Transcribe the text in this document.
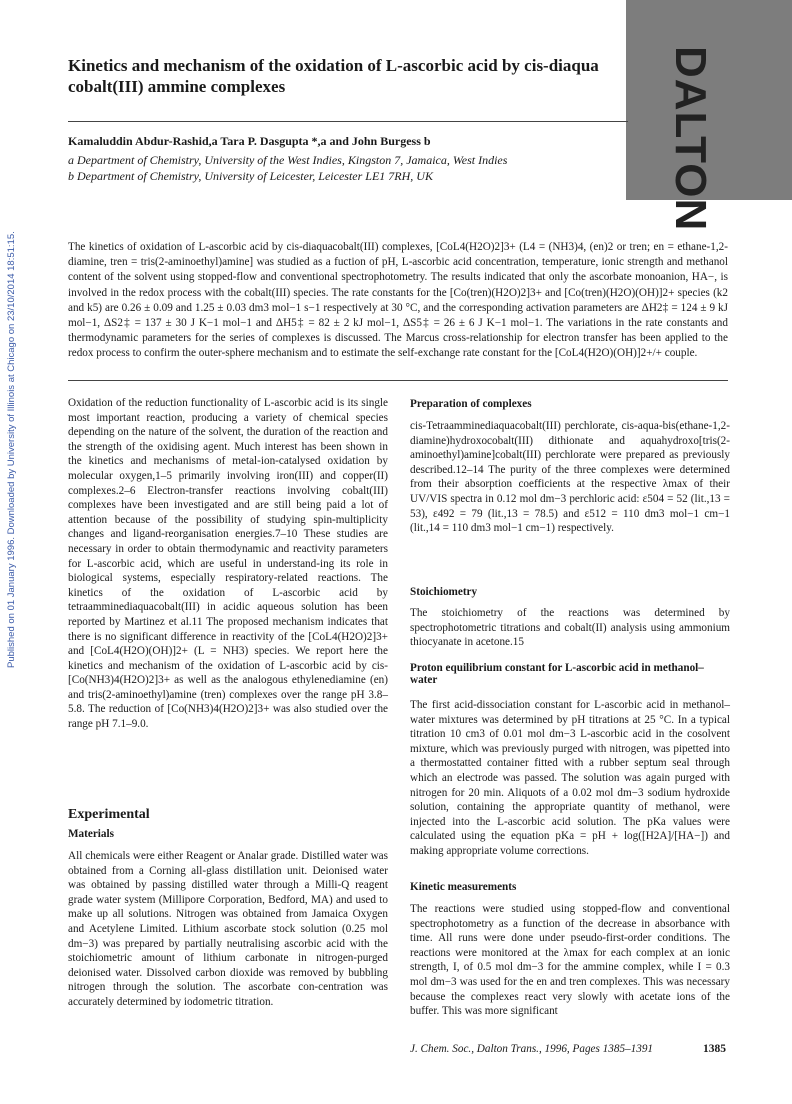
DALTON
Published on 01 January 1996. Downloaded by University of Illinois at Chicago on 23/10/2014 18:51:15.
Kinetics and mechanism of the oxidation of L-ascorbic acid by cis-diaqua cobalt(III) ammine complexes
Kamaluddin Abdur-Rashid,a Tara P. Dasgupta *,a and John Burgess b
a Department of Chemistry, University of the West Indies, Kingston 7, Jamaica, West Indies
b Department of Chemistry, University of Leicester, Leicester LE1 7RH, UK
The kinetics of oxidation of L-ascorbic acid by cis-diaquacobalt(III) complexes, [CoL4(H2O)2]3+ (L4 = (NH3)4, (en)2 or tren; en = ethane-1,2-diamine, tren = tris(2-aminoethyl)amine] was studied as a fuction of pH, L-ascorbic acid concentration, temperature, ionic strength and methanol content of the solvent using stopped-flow and conventional spectrophotometry. The results indicated that only the ascorbate monoanion, HA−, is involved in the redox process with the cobalt(III) species. The rate constants for the [Co(tren)(H2O)2]3+ and [Co(tren)(H2O)(OH)]2+ species (k2 and k5) are 0.26 ± 0.09 and 1.25 ± 0.03 dm3 mol−1 s−1 respectively at 30 °C, and the corresponding activation parameters are ΔH2‡ = 124 ± 9 kJ mol−1, ΔS2‡ = 137 ± 30 J K−1 mol−1 and ΔH5‡ = 82 ± 2 kJ mol−1, ΔS5‡ = 26 ± 6 J K−1 mol−1. The variations in the rate constants and thermodynamic parameters for the series of complexes is discussed. The Marcus cross-relationship for electron transfer has been applied to the redox process to confirm the outer-sphere mechanism and to estimate the self-exchange rate constant for the [CoL4(H2O)(OH)]2+/+ couple.

Oxidation of the reduction functionality of L-ascorbic acid is its single most important reaction, producing a variety of chemical species depending on the nature of the solvent, the duration of the reaction and the strength of the oxidising agent. Much interest has been shown in the kinetics and mechanisms of metal-ion-catalysed oxidation by molecular oxygen,1–5 primarily involving iron(III) and copper(II) complexes.2–6 Electron-transfer reactions involving cobalt(III) complexes have been investigated and are still being paid a lot of attention because of the possibility of studying spin-multiplicity changes and ligand-reorganisation energies.7–10 These studies are necessary in order to obtain thermodynamic and reactivity parameters for L-ascorbic acid, which are useful in understand-ing its role in biological systems, especially respiratory-related reactions. The kinetics of the oxidation of L-ascorbic acid by tetraamminediaquacobalt(III) in acidic aqueous solution has been reported by Martinez et al.11 The proposed mechanism indicates that there is no significant difference in reactivity of the [CoL4(H2O)2]3+ and [CoL4(H2O)(OH)]2+ (L = NH3) species. We report here the kinetics and mechanism of the oxidation of L-ascorbic acid by cis-[Co(NH3)4(H2O)2]3+ as well as the analogous ethylenediamine (en) and tris(2-aminoethyl)amine (tren) complexes over the range pH 3.8–5.8. The reduction of [Co(NH3)4(H2O)2]3+ was also studied over the range pH 7.1–9.0.

Experimental
Materials

All chemicals were either Reagent or Analar grade. Distilled water was obtained from a Corning all-glass distillation unit. Deionised water was obtained by passing distilled water through a Milli-Q reagent grade water system (Millipore Corporation, Bedford, MA) and used to make up all solutions. Nitrogen was obtained from Jamaica Oxygen and Acetylene Limited. Lithium ascorbate stock solution (0.25 mol dm−3) was prepared by partially neutralising ascorbic acid with the stoichiometric amount of lithium carbonate in nitrogen-purged deionised water. Dissolved carbon dioxide was removed by bubbling nitrogen through the solution. The ascorbate con-centration was accurately determined by iodometric titration.

Preparation of complexes

cis-Tetraamminediaquacobalt(III) perchlorate, cis-aqua-bis(ethane-1,2-diamine)hydroxocobalt(III) dithionate and aquahydroxo[tris(2-aminoethyl)amine]cobalt(III) perchlorate were prepared as previously described.12–14 The purity of the three complexes were determined from their absorption coefficients at the respective λmax of their UV/VIS spectra in 0.12 mol dm−3 perchloric acid: ε504 = 52 (lit.,13 = 53), ε492 = 79 (lit.,13 = 78.5) and ε512 = 110 dm3 mol−1 cm−1 (lit.,14 = 110 dm3 mol−1 cm−1) respectively.

Stoichiometry

The stoichiometry of the reactions was determined by spectrophotometric titrations and cobalt(II) analysis using ammonium thiocyanate in acetone.15

Proton equilibrium constant for L-ascorbic acid in methanol–water

The first acid-dissociation constant for L-ascorbic acid in methanol–water mixtures was determined by pH titrations at 25 °C. In a typical titration 10 cm3 of 0.01 mol dm−3 L-ascorbic acid in the cosolvent mixture, which was previously purged with nitrogen, was pipetted into a thermostatted container fitted with a rubber septum seal through which an electrode was passed. The solution was again purged with nitrogen for 20 min. Aliquots of a 0.02 mol dm−3 sodium hydroxide solution, containing the appropriate quantity of methanol, were injected into the L-ascorbic acid solution. The pKa values were calculated using the equation pKa = pH + log([H2A]/[HA−]) and making appropriate volume corrections.

Kinetic measurements

The reactions were studied using stopped-flow and conventional spectrophotometry as a function of the decrease in absorbance with time. All runs were done under pseudo-first-order conditions. The reactions were monitored at the λmax for each complex at an ionic strength, I, of 0.5 mol dm−3 for the ammine complex, while I = 0.3 mol dm−3 was used for the en and tren complexes. This was necessary because the complexes react very slowly with acetate ions of the buffer. This was more significant

J. Chem. Soc., Dalton Trans., 1996, Pages 1385–1391	1385
